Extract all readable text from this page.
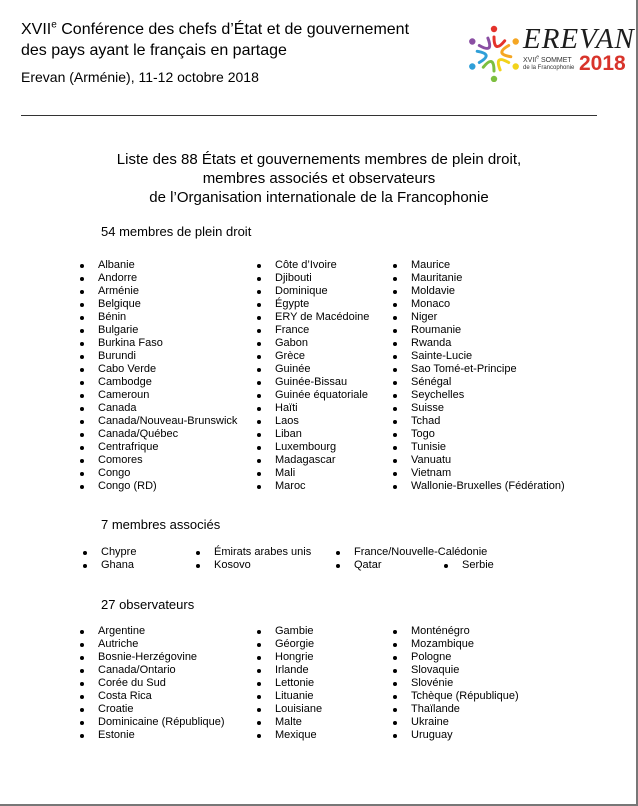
XVIIe Conférence des chefs d’État et de gouvernement
des pays ayant le français en partage
Erevan (Arménie), 11-12 octobre 2018
EREVAN
XVIIe SOMMET
de la Francophonie 2018
Liste des 88 États et gouvernements membres de plein droit,
membres associés et observateurs
de l’Organisation internationale de la Francophonie
54 membres de plein droit
Albanie
Andorre
Arménie
Belgique
Bénin
Bulgarie
Burkina Faso
Burundi
Cabo Verde
Cambodge
Cameroun
Canada
Canada/Nouveau-Brunswick
Canada/Québec
Centrafrique
Comores
Congo
Congo (RD)
Côte d’Ivoire
Djibouti
Dominique
Égypte
ERY de Macédoine
France
Gabon
Grèce
Guinée
Guinée-Bissau
Guinée équatoriale
Haïti
Laos
Liban
Luxembourg
Madagascar
Mali
Maroc
Maurice
Mauritanie
Moldavie
Monaco
Niger
Roumanie
Rwanda
Sainte-Lucie
Sao Tomé-et-Principe
Sénégal
Seychelles
Suisse
Tchad
Togo
Tunisie
Vanuatu
Vietnam
Wallonie-Bruxelles (Fédération)
7 membres associés
Chypre	Émirats arabes unis	France/Nouvelle-Calédonie
Ghana	Kosovo	Qatar	Serbie
27 observateurs
Argentine
Autriche
Bosnie-Herzégovine
Canada/Ontario
Corée du Sud
Costa Rica
Croatie
Dominicaine (République)
Estonie
Gambie
Géorgie
Hongrie
Irlande
Lettonie
Lituanie
Louisiane
Malte
Mexique
Monténégro
Mozambique
Pologne
Slovaquie
Slovénie
Tchèque (République)
Thaïlande
Ukraine
Uruguay
